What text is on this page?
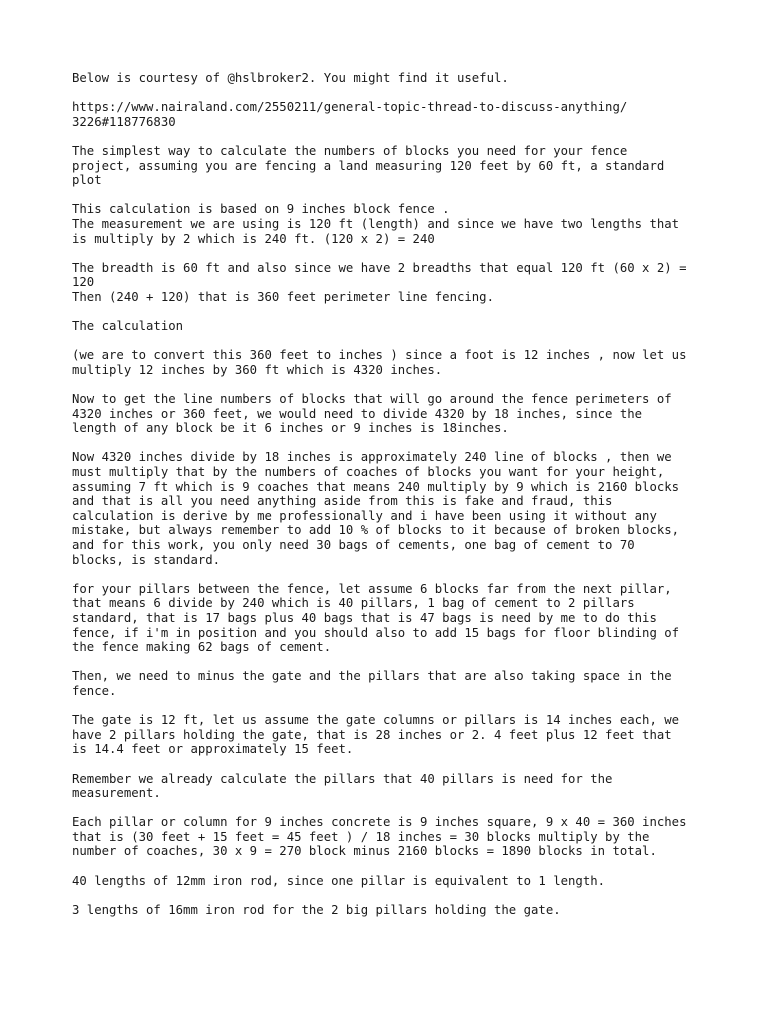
Below is courtesy of @hslbroker2. You might find it useful.

https://www.nairaland.com/2550211/general-topic-thread-to-discuss-anything/
3226#118776830

The simplest way to calculate the numbers of blocks you need for your fence
project, assuming you are fencing a land measuring 120 feet by 60 ft, a standard
plot

This calculation is based on 9 inches block fence .
The measurement we are using is 120 ft (length) and since we have two lengths that
is multiply by 2 which is 240 ft. (120 x 2) = 240

The breadth is 60 ft and also since we have 2 breadths that equal 120 ft (60 x 2) =
120
Then (240 + 120) that is 360 feet perimeter line fencing.

The calculation

(we are to convert this 360 feet to inches ) since a foot is 12 inches , now let us
multiply 12 inches by 360 ft which is 4320 inches.

Now to get the line numbers of blocks that will go around the fence perimeters of
4320 inches or 360 feet, we would need to divide 4320 by 18 inches, since the
length of any block be it 6 inches or 9 inches is 18inches.

Now 4320 inches divide by 18 inches is approximately 240 line of blocks , then we
must multiply that by the numbers of coaches of blocks you want for your height,
assuming 7 ft which is 9 coaches that means 240 multiply by 9 which is 2160 blocks
and that is all you need anything aside from this is fake and fraud, this
calculation is derive by me professionally and i have been using it without any
mistake, but always remember to add 10 % of blocks to it because of broken blocks,
and for this work, you only need 30 bags of cements, one bag of cement to 70
blocks, is standard.

for your pillars between the fence, let assume 6 blocks far from the next pillar,
that means 6 divide by 240 which is 40 pillars, 1 bag of cement to 2 pillars
standard, that is 17 bags plus 40 bags that is 47 bags is need by me to do this
fence, if i'm in position and you should also to add 15 bags for floor blinding of
the fence making 62 bags of cement.

Then, we need to minus the gate and the pillars that are also taking space in the
fence.

The gate is 12 ft, let us assume the gate columns or pillars is 14 inches each, we
have 2 pillars holding the gate, that is 28 inches or 2. 4 feet plus 12 feet that
is 14.4 feet or approximately 15 feet.

Remember we already calculate the pillars that 40 pillars is need for the
measurement.

Each pillar or column for 9 inches concrete is 9 inches square, 9 x 40 = 360 inches
that is (30 feet + 15 feet = 45 feet ) / 18 inches = 30 blocks multiply by the
number of coaches, 30 x 9 = 270 block minus 2160 blocks = 1890 blocks in total.

40 lengths of 12mm iron rod, since one pillar is equivalent to 1 length.

3 lengths of 16mm iron rod for the 2 big pillars holding the gate.
